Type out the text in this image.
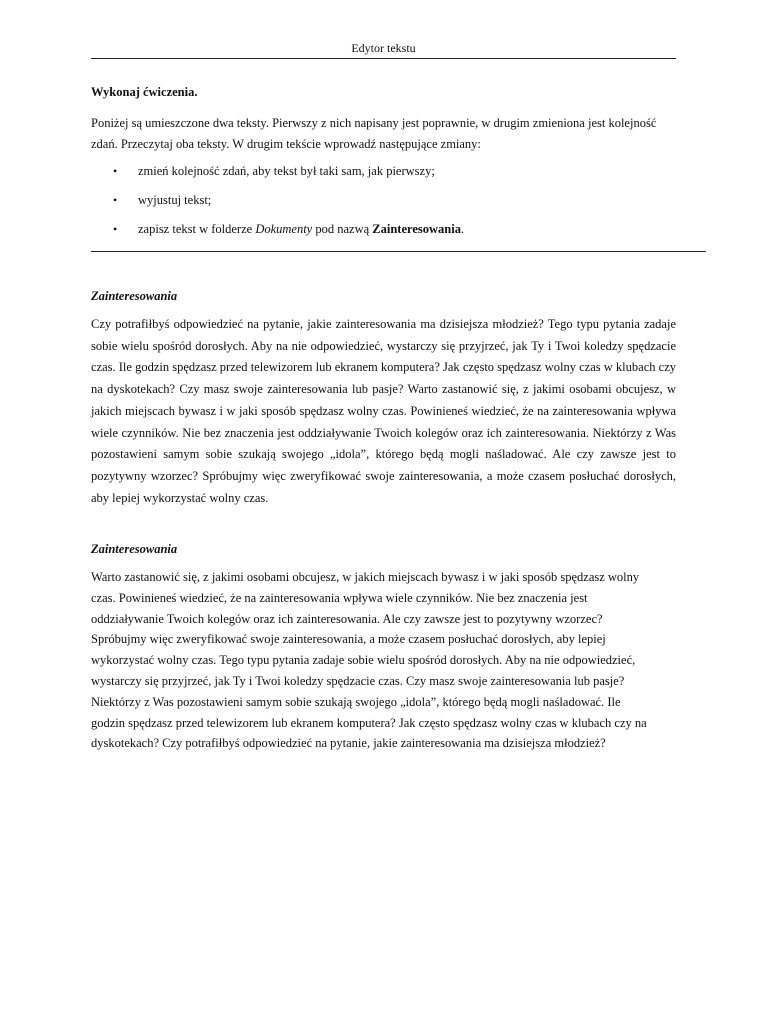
Edytor tekstu
Wykonaj ćwiczenia.

Poniżej są umieszczone dwa teksty. Pierwszy z nich napisany jest poprawnie, w drugim zmieniona jest kolejność zdań. Przeczytaj oba teksty. W drugim tekście wprowadź następujące zmiany:

• zmień kolejność zdań, aby tekst był taki sam, jak pierwszy;
• wyjustuj tekst;
• zapisz tekst w folderze Dokumenty pod nazwą Zainteresowania.
Zainteresowania

Czy potrafiłbyś odpowiedzieć na pytanie, jakie zainteresowania ma dzisiejsza młodzież? Tego typu pytania zadaje sobie wielu spośród dorosłych. Aby na nie odpowiedzieć, wystarczy się przyjrzeć, jak Ty i Twoi koledzy spędzacie czas. Ile godzin spędzasz przed telewizorem lub ekranem komputera? Jak często spędzasz wolny czas w klubach czy na dyskotekach? Czy masz swoje zainteresowania lub pasje? Warto zastanowić się, z jakimi osobami obcujesz, w jakich miejscach bywasz i w jaki sposób spędzasz wolny czas. Powinieneś wiedzieć, że na zainteresowania wpływa wiele czynników. Nie bez znaczenia jest oddziaływanie Twoich kolegów oraz ich zainteresowania. Niektórzy z Was pozostawieni samym sobie szukają swojego „idola”, którego będą mogli naśladować. Ale czy zawsze jest to pozytywny wzorzec? Spróbujmy więc zweryfikować swoje zainteresowania, a może czasem posłuchać dorosłych, aby lepiej wykorzystać wolny czas.

Zainteresowania

Warto zastanowić się, z jakimi osobami obcujesz, w jakich miejscach bywasz i w jaki sposób spędzasz wolny czas. Powinieneś wiedzieć, że na zainteresowania wpływa wiele czynników. Nie bez znaczenia jest oddziaływanie Twoich kolegów oraz ich zainteresowania. Ale czy zawsze jest to pozytywny wzorzec? Spróbujmy więc zweryfikować swoje zainteresowania, a może czasem posłuchać dorosłych, aby lepiej wykorzystać wolny czas. Tego typu pytania zadaje sobie wielu spośród dorosłych. Aby na nie odpowiedzieć, wystarczy się przyjrzeć, jak Ty i Twoi koledzy spędzacie czas. Czy masz swoje zainteresowania lub pasje? Niektórzy z Was pozostawieni samym sobie szukają swojego „idola”, którego będą mogli naśladować. Ile godzin spędzasz przed telewizorem lub ekranem komputera? Jak często spędzasz wolny czas w klubach czy na dyskotekach? Czy potrafiłbyś odpowiedzieć na pytanie, jakie zainteresowania ma dzisiejsza młodzież?
